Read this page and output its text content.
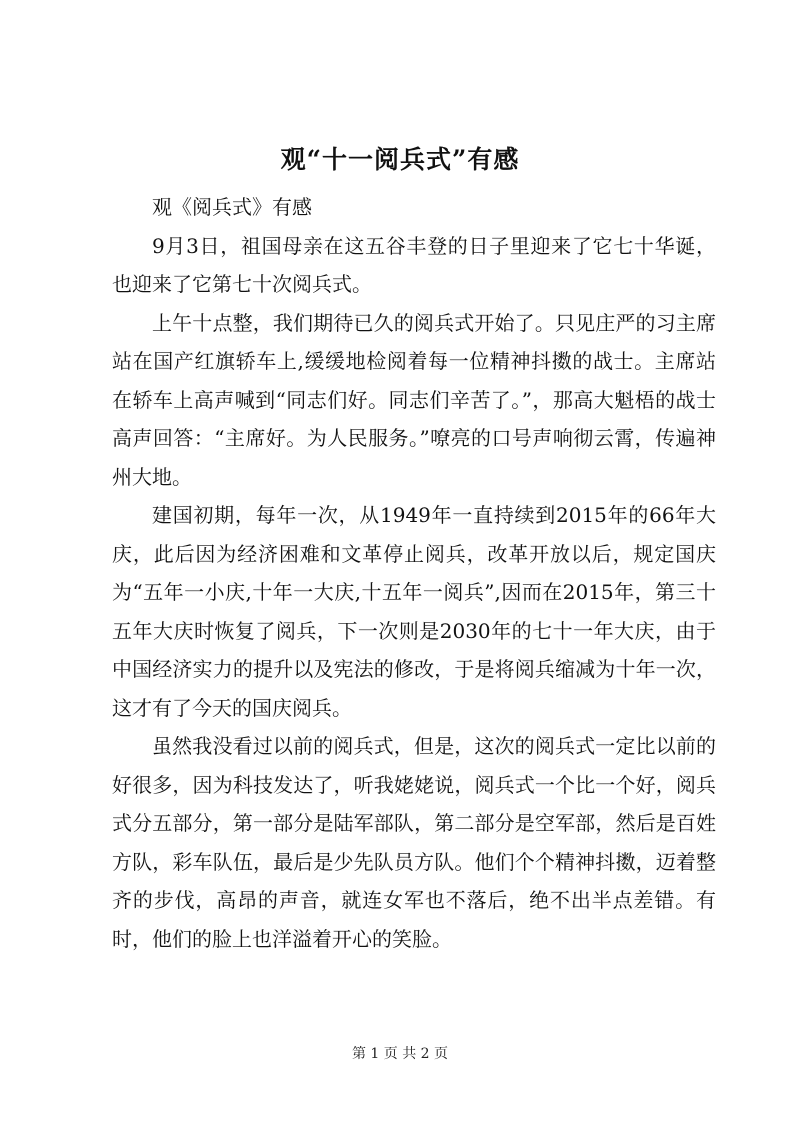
观“十一阅兵式”有感

观《阅兵式》有感

9月3日，祖国母亲在这五谷丰登的日子里迎来了它七十华诞，也迎来了它第七十次阅兵式。

上午十点整，我们期待已久的阅兵式开始了。只见庄严的习主席站在国产红旗轿车上,缓缓地检阅着每一位精神抖擞的战士。主席站在轿车上高声喊到“同志们好。同志们辛苦了。”，那高大魁梧的战士高声回答：“主席好。为人民服务。”嘹亮的口号声响彻云霄，传遍神州大地。

建国初期，每年一次，从1949年一直持续到2015年的66年大庆，此后因为经济困难和文革停止阅兵，改革开放以后，规定国庆为“五年一小庆,十年一大庆,十五年一阅兵”,因而在2015年，第三十五年大庆时恢复了阅兵，下一次则是2030年的七十一年大庆，由于中国经济实力的提升以及宪法的修改，于是将阅兵缩减为十年一次，这才有了今天的国庆阅兵。

虽然我没看过以前的阅兵式，但是，这次的阅兵式一定比以前的好很多，因为科技发达了，听我姥姥说，阅兵式一个比一个好，阅兵式分五部分，第一部分是陆军部队，第二部分是空军部，然后是百姓方队，彩车队伍，最后是少先队员方队。他们个个精神抖擞，迈着整齐的步伐，高昂的声音，就连女军也不落后，绝不出半点差错。有时，他们的脸上也洋溢着开心的笑脸。

第 1 页 共 2 页
